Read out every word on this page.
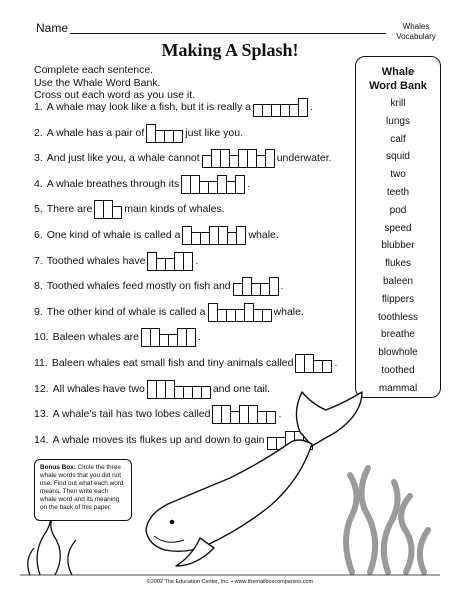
Name	Whales
Vocabulary
Making A Splash!
Complete each sentence.
Use the Whale Word Bank.
Cross out each word as you use it.
1. A whale may look like a fish, but it is really a	.
2. A whale has a pair of	just like you.
3. And just like you, a whale cannot	underwater.
4. A whale breathes through its	.
5. There are	main kinds of whales.
6. One kind of whale is called a	whale.
7. Toothed whales have	.
8. Toothed whales feed mostly on fish and	.
9. The other kind of whale is called a	whale.
10. Baleen whales are	.
11. Baleen whales eat small fish and tiny animals called	.
12. All whales have two	and one tail.
13. A whale's tail has two lobes called	.
14. A whale moves its flukes up and down to gain
Whale
Word Bank
krill
lungs
calf
squid
two
teeth
pod
speed
blubber
flukes
baleen
flippers
toothless
breathe
blowhole
toothed
mammal
Bonus Box: Circle the three whale words that you did not use. Find out what each word means. Then write each whale word and its meaning on the back of this paper.
©2002 The Education Center, Inc. • www.themailboxcompanion.com
